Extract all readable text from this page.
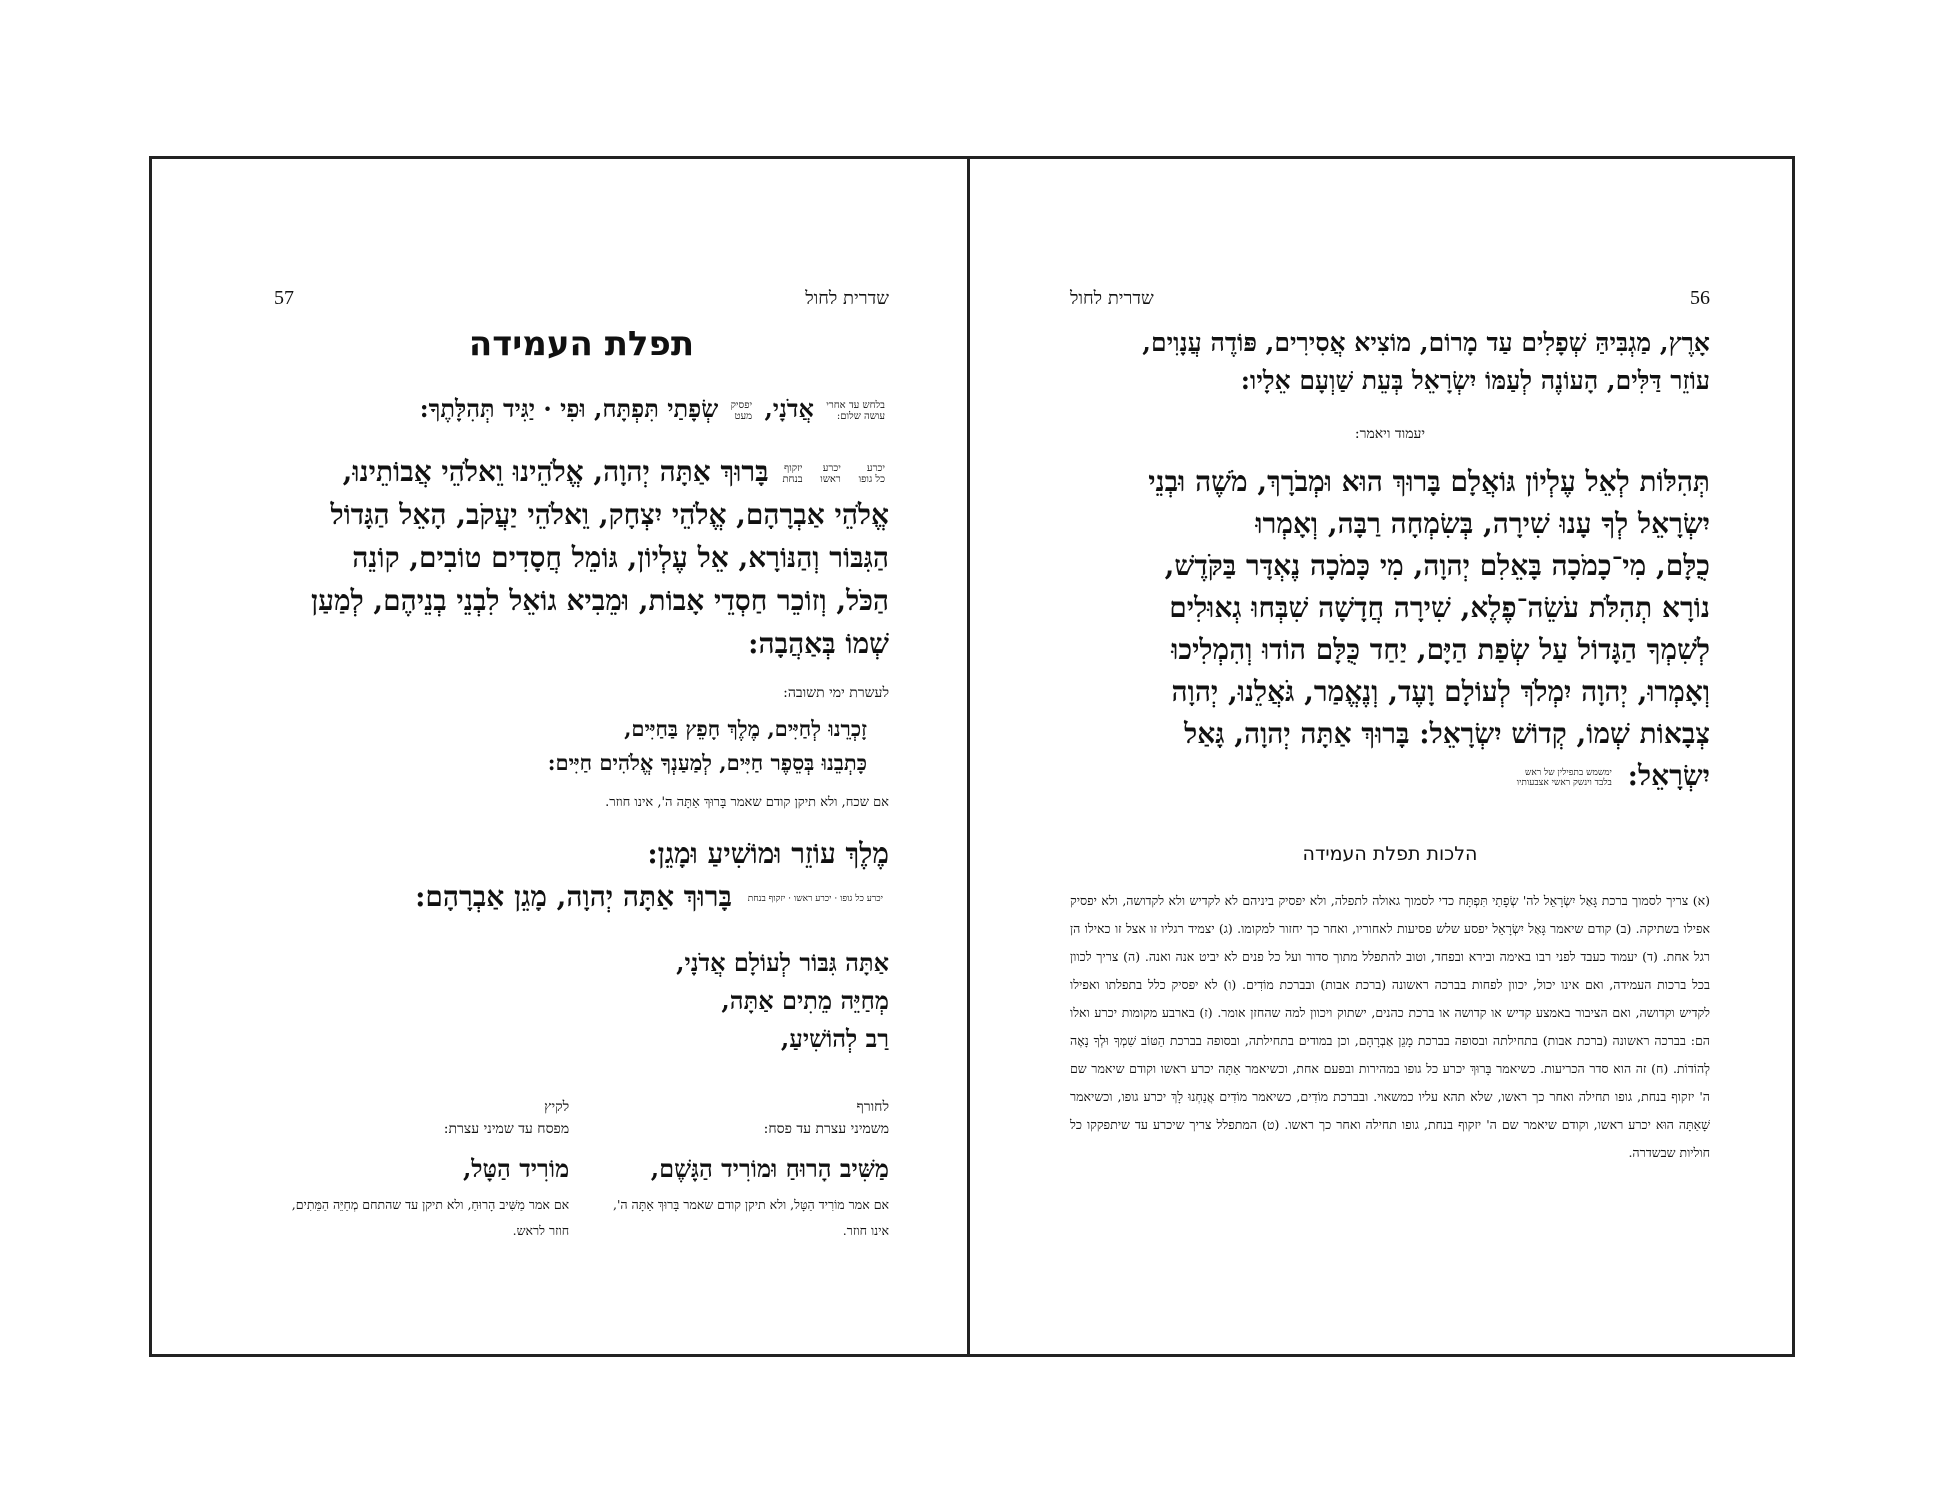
שדרית לחול
57
תפלת העמידה
בלחש עד אחרי
עושה שלום:
אֲדֹנָי,
יפסיק
מעט
שְׂפָתַי תִּפְתָּח, וּפִי · יַגִּיד תְּהִלָּתֶךָ:
יכרע
כל גופו

יכרע
ראשו

יזקוף
בנחת
בָּרוּךְ אַתָּה יְהוָה, אֱלֹהֵינוּ וֵאלֹהֵי אֲבוֹתֵינוּ,
אֱלֹהֵי אַבְרָהָם, אֱלֹהֵי יִצְחָק, וֵאלֹהֵי יַעֲקֹב, הָאֵל הַגָּדוֹל
הַגִּבּוֹר וְהַנּוֹרָא, אֵל עֶלְיוֹן, גּוֹמֵל חֲסָדִים טוֹבִים, קוֹנֵה
הַכֹּל, וְזוֹכֵר חַסְדֵי אָבוֹת, וּמֵבִיא גוֹאֵל לִבְנֵי בְנֵיהֶם, לְמַעַן
שְׁמוֹ בְּאַהֲבָה:
לעשרת ימי תשובה:
זָכְרֵנוּ לְחַיִּים, מֶלֶךְ חָפֵץ בַּחַיִּים,
כָּתְבֵנוּ בְּסֵפֶר חַיִּים, לְמַעַנְךָ אֱלֹהִים חַיִּים:
אם שכח, ולא תיקן קודם שאמר בָּרוּךְ אַתָּה ה', אינו חוזר.
מֶלֶךְ עוֹזֵר וּמוֹשִׁיעַ וּמָגֵן:
יכרע כל גופו · יכרע ראשו · יזקוף בנחת בָּרוּךְ אַתָּה יְהוָה, מָגֵן אַבְרָהָם:
אַתָּה גִּבּוֹר לְעוֹלָם אֲדֹנָי,
מְחַיֵּה מֵתִים אַתָּה,
רַב לְהוֹשִׁיעַ,
לחורף
משמיני עצרת עד פסח:
מַשִּׁיב הָרוּחַ וּמוֹרִיד הַגָּשֶׁם,
אם אמר מוֹרִיד הַטָּל, ולא תיקן קודם שאמר בָּרוּךְ אַתָּה ה', אינו חוזר.
לקיץ
מפסח עד שמיני עצרת:
מוֹרִיד הַטָּל,
אם אמר מַשִּׁיב הָרוּחַ, ולא תיקן עד שהתחם מְחַיֵּה הַמֵּתִים, חוזר לראש.
56
שדרית לחול
אָרֶץ, מַגְבִּיהַּ שְׁפָלִים עַד מָרוֹם, מוֹצִיא אֲסִירִים, פּוֹדֶה עֲנָוִים,
עוֹזֵר דַּלִּים, הָעוֹנֶה לְעַמּוֹ יִשְׂרָאֵל בְּעֵת שַׁוְעָם אֵלָיו:
יעמוד ויאמר:
תְּהִלּוֹת לְאֵל עֶלְיוֹן גּוֹאֲלָם בָּרוּךְ הוּא וּמְבֹרָךְ, מֹשֶׁה וּבְנֵי
יִשְׂרָאֵל לְךָ עָנוּ שִׁירָה, בְּשִׂמְחָה רַבָּה, וְאָמְרוּ
כֻלָּם, מִי־כָמֹכָה בָּאֵלִם יְהוָה, מִי כָּמֹכָה נֶאְדָּר בַּקֹּדֶשׁ,
נוֹרָא תְהִלֹּת עֹשֵׂה־פֶלֶא, שִׁירָה חֲדָשָׁה שִׁבְּחוּ גְאוּלִים
לְשִׁמְךָ הַגָּדוֹל עַל שְׂפַת הַיָּם, יַחַד כֻּלָּם הוֹדוּ וְהִמְלִיכוּ
וְאָמְרוּ, יְהוָה יִמְלֹךְ לְעוֹלָם וָעֶד, וְנֶאֱמַר, גֹּאֲלֵנוּ, יְהוָה
צְבָאוֹת שְׁמוֹ, קְדוֹשׁ יִשְׂרָאֵל: בָּרוּךְ אַתָּה יְהוָה, גָּאַל
יִשְׂרָאֵל:
ימשמש בתפילין של ראש
בלבד וינשק ראשי אצבעותיו
הלכות תפלת העמידה
(א) צריך לסמוך ברכת גָּאַל יִשְׂרָאֵל לה' שְׂפָתַי תִּפְתָּח כדי לסמוך גאולה לתפלה, ולא יפסיק ביניהם לא לקדיש ולא לקדושה, ולא יפסיק אפילו בשתיקה. (ב) קודם שיאמר גָּאַל יִשְׂרָאֵל יפסע שלש פסיעות לאחוריו, ואחר כך יחזור למקומו. (ג) יצמיד רגליו זו אצל זו כאילו הן רגל אחת. (ד) יעמוד כעבד לפני רבו באימה ובירא ובפחד, וטוב להתפלל מתוך סדור ועל כל פנים לא יביט אנה ואנה. (ה) צריך לכוון בכל ברכות העמידה, ואם אינו יכול, יכוון לפחות בברכה ראשונה (ברכת אבות) ובברכת מוֹדִים. (ו) לא יפסיק כלל בתפלתו ואפילו לקדיש וקדושה, ואם הציבור באמצע קדיש או קדושה או ברכת כהנים, ישתוק ויכוון למה שהחזן אומר. (ז) בארבע מקומות יכרע ואלו הם: בברכה ראשונה (ברכת אבות) בתחילתה ובסופה בברכת מָגֵן אַבְרָהָם, וכן במודים בתחילתה, ובסופה בברכת הַטּוֹב שִׁמְךָ וּלְךָ נָאֶה לְהוֹדוֹת. (ח) זה הוא סדר הכריעות. כשיאמר בָּרוּךְ יכרע כל גופו במהירות ובפעם אחת, וכשיאמר אַתָּה יכרע ראשו וקודם שיאמר שם ה' יזקוף בנחת, גופו תחילה ואחר כך ראשו, שלא תהא עליו כמשאוי. ובברכת מוֹדִים, כשיאמר מוֹדִים אֲנַחְנוּ לָךְ יכרע גופו, וכשיאמר שָׁאַתָּה הוּא יכרע ראשו, וקודם שיאמר שם ה' יזקוף בנחת, גופו תחילה ואחר כך ראשו. (ט) המתפלל צריך שיכרע עד שיתפקקו כל חוליות שבשדרה.
